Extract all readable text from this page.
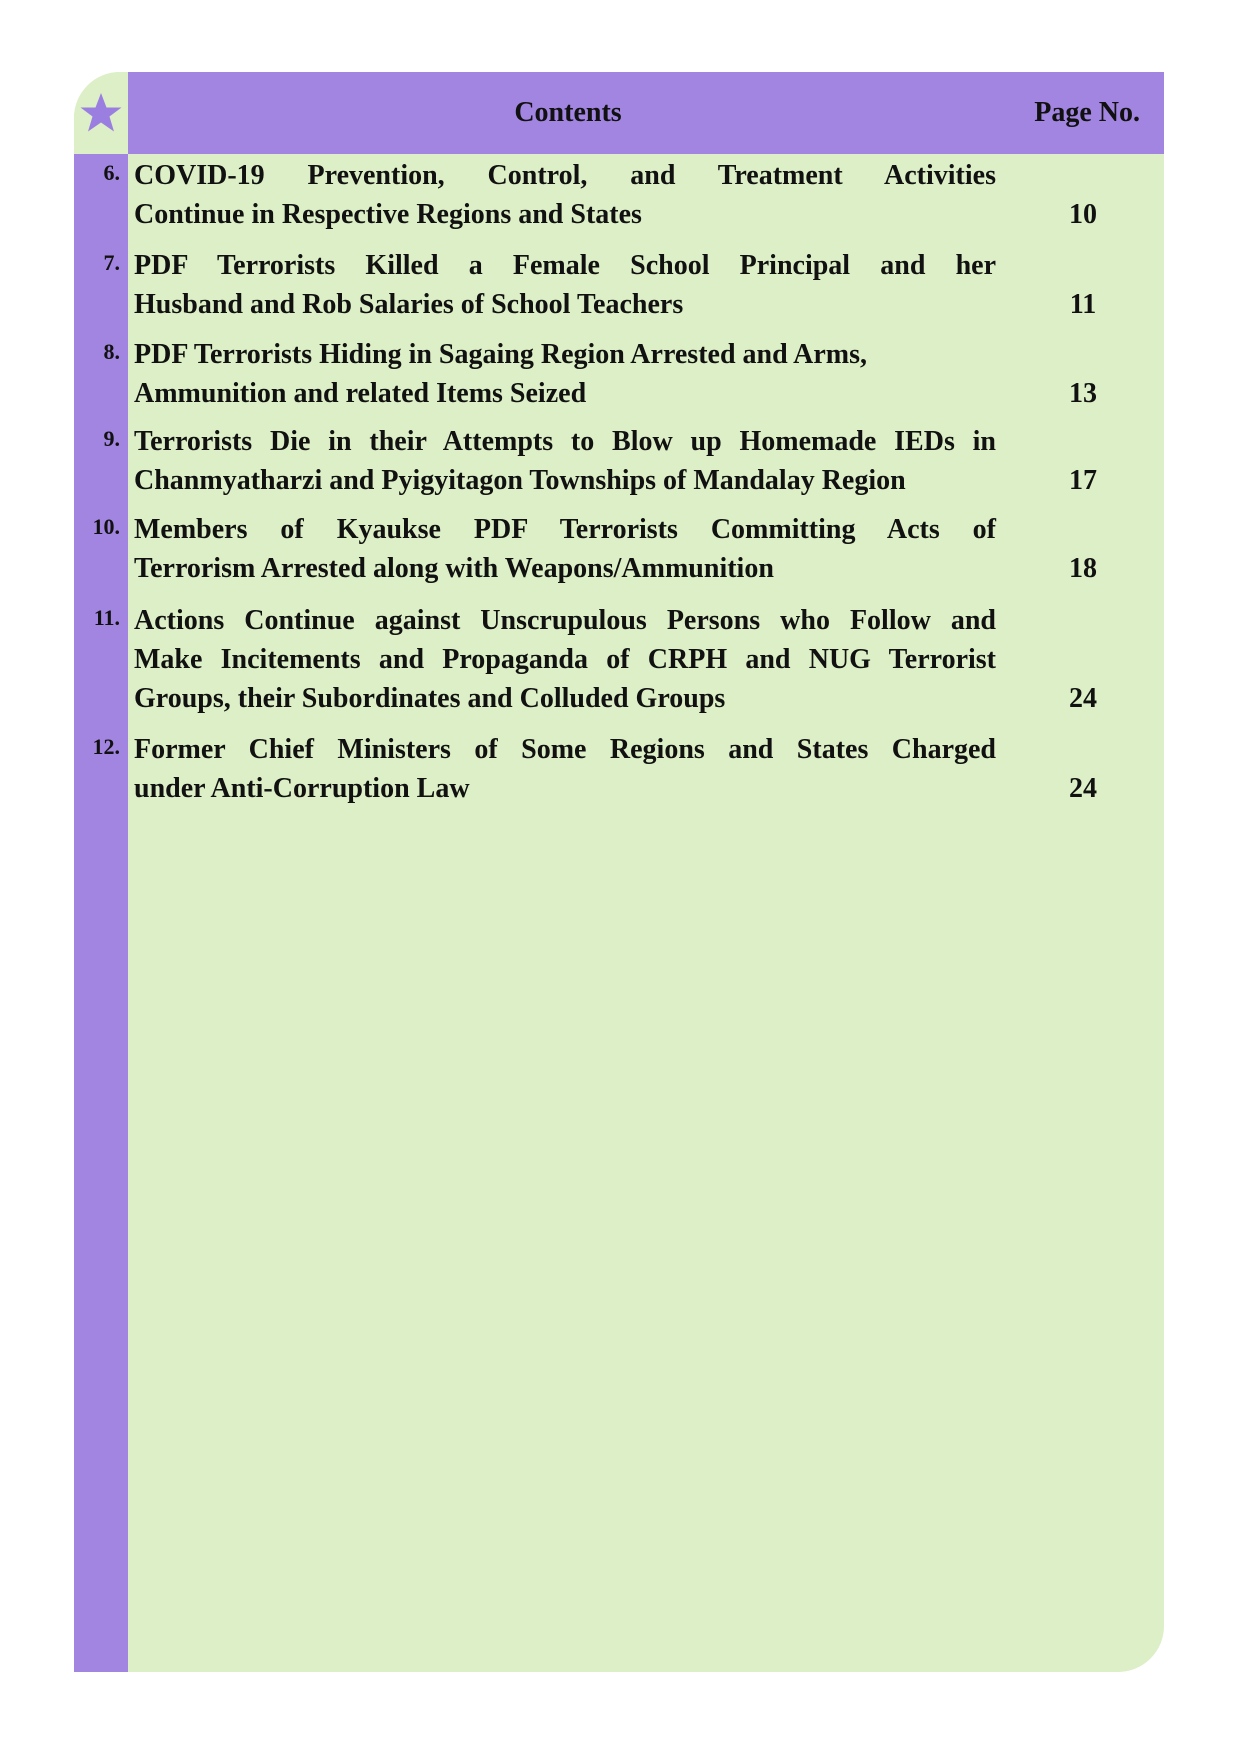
Contents	Page No.
6. COVID-19 Prevention, Control, and Treatment Activities
Continue in Respective Regions and States	10
7. PDF Terrorists Killed a Female School Principal and her
Husband and Rob Salaries of School Teachers	11
8. PDF Terrorists Hiding in Sagaing Region Arrested and Arms,
Ammunition and related Items Seized	13
9. Terrorists Die in their Attempts to Blow up Homemade IEDs in
Chanmyatharzi and Pyigyitagon Townships of Mandalay Region	17
10. Members of Kyaukse PDF Terrorists Committing Acts of
Terrorism Arrested along with Weapons/Ammunition	18
11. Actions Continue against Unscrupulous Persons who Follow and
Make Incitements and Propaganda of CRPH and NUG Terrorist
Groups, their Subordinates and Colluded Groups	24
12. Former Chief Ministers of Some Regions and States Charged
under Anti-Corruption Law	24
